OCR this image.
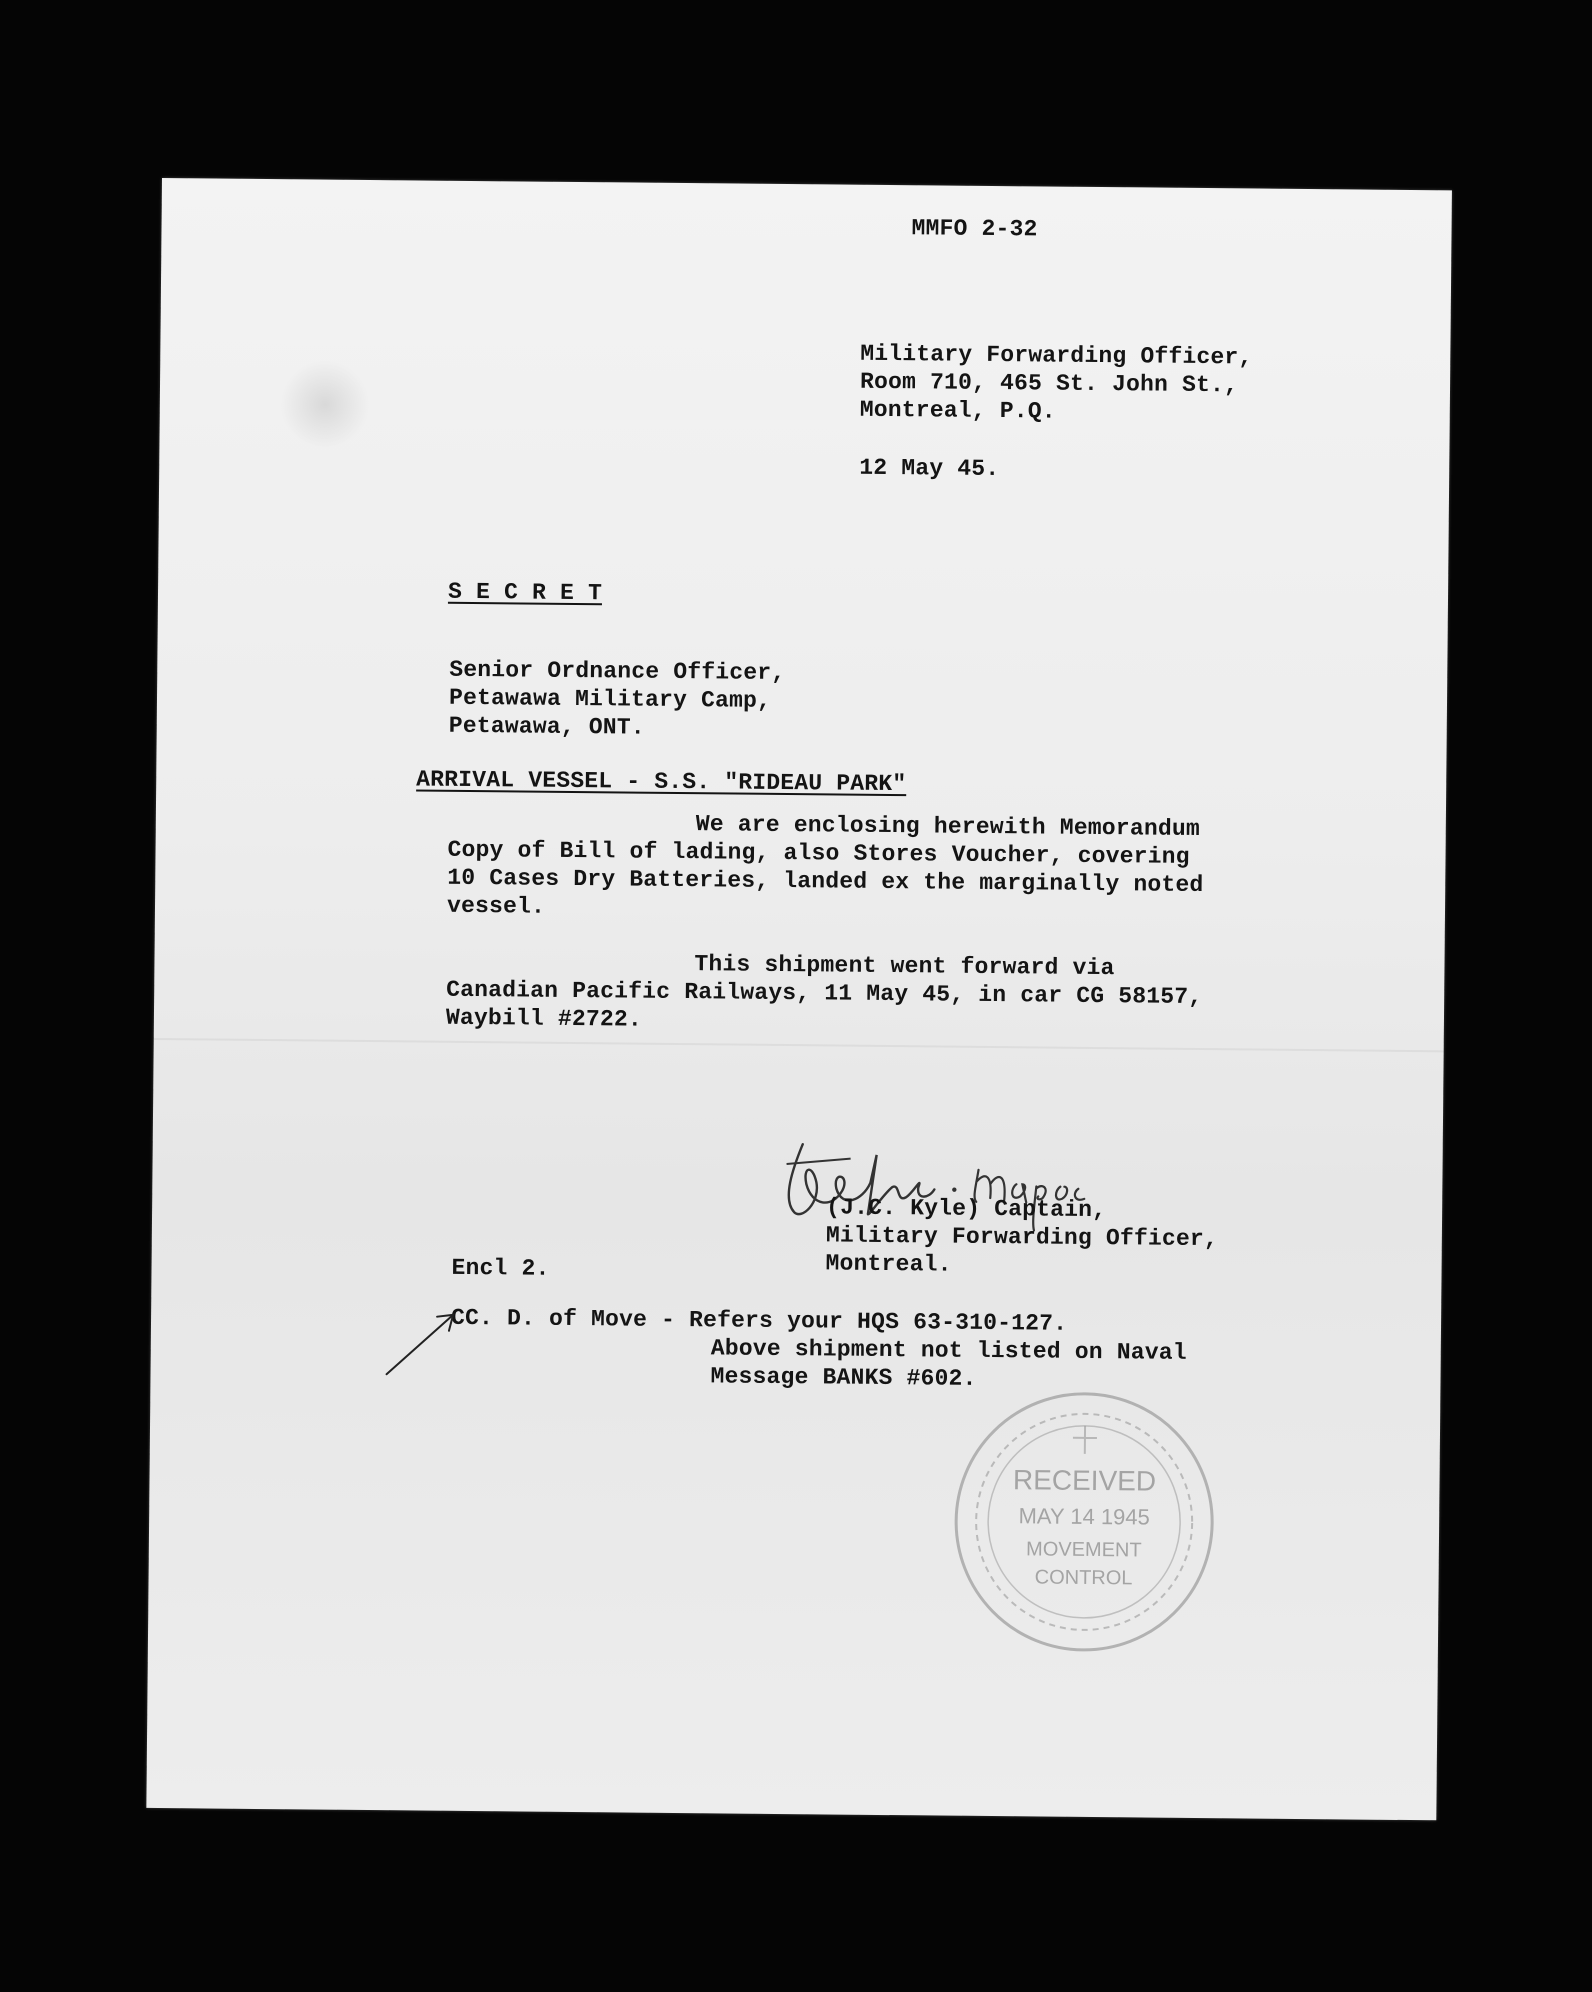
MMFO 2-32
Military Forwarding Officer,
Room 710, 465 St. John St.,
Montreal, P.Q.
12 May 45.
S E C R E T
Senior Ordnance Officer,
Petawawa Military Camp,
Petawawa, ONT.
ARRIVAL VESSEL - S.S. "RIDEAU PARK"
We are enclosing herewith Memorandum
Copy of Bill of lading, also Stores Voucher, covering
10 Cases Dry Batteries, landed ex the marginally noted
vessel.
This shipment went forward via
Canadian Pacific Railways, 11 May 45, in car CG 58157,
Waybill #2722.
(J.C. Kyle) Captain,
Military Forwarding Officer,
Montreal.
Encl 2.
CC. D. of Move - Refers your HQS 63-310-127.
Above shipment not listed on Naval
Message BANKS #602.
RECEIVED
MAY 14 1945
MOVEMENT
CONTROL
